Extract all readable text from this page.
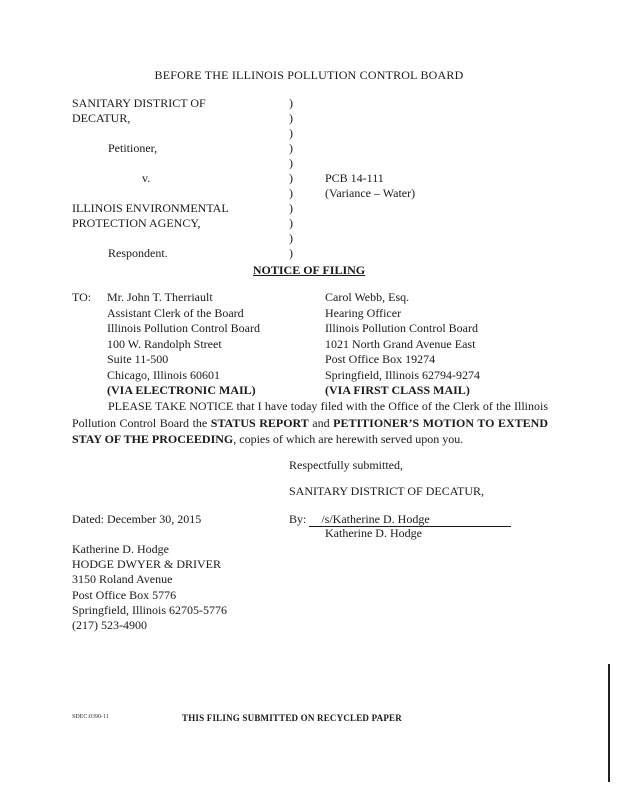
BEFORE THE ILLINOIS POLLUTION CONTROL BOARD
SANITARY DISTRICT OF
DECATUR,
Petitioner,
v.
ILLINOIS ENVIRONMENTAL
PROTECTION AGENCY,
Respondent.
)
)
)
)
)
)
)
)
)
)
)
PCB 14-111
(Variance – Water)
NOTICE OF FILING
TO: Mr. John T. Therriault
Assistant Clerk of the Board
Illinois Pollution Control Board
100 W. Randolph Street
Suite 11-500
Chicago, Illinois 60601
(VIA ELECTRONIC MAIL)
Carol Webb, Esq.
Hearing Officer
Illinois Pollution Control Board
1021 North Grand Avenue East
Post Office Box 19274
Springfield, Illinois 62794-9274
(VIA FIRST CLASS MAIL)
PLEASE TAKE NOTICE that I have today filed with the Office of the Clerk of the Illinois Pollution Control Board the STATUS REPORT and PETITIONER’S MOTION TO EXTEND STAY OF THE PROCEEDING, copies of which are herewith served upon you.
Respectfully submitted,
SANITARY DISTRICT OF DECATUR,
Dated: December 30, 2015	By: /s/Katherine D. Hodge
Katherine D. Hodge
Katherine D. Hodge
HODGE DWYER & DRIVER
3150 Roland Avenue
Post Office Box 5776
Springfield, Illinois 62705-5776
(217) 523-4900
SDEC:0390-11	THIS FILING SUBMITTED ON RECYCLED PAPER
